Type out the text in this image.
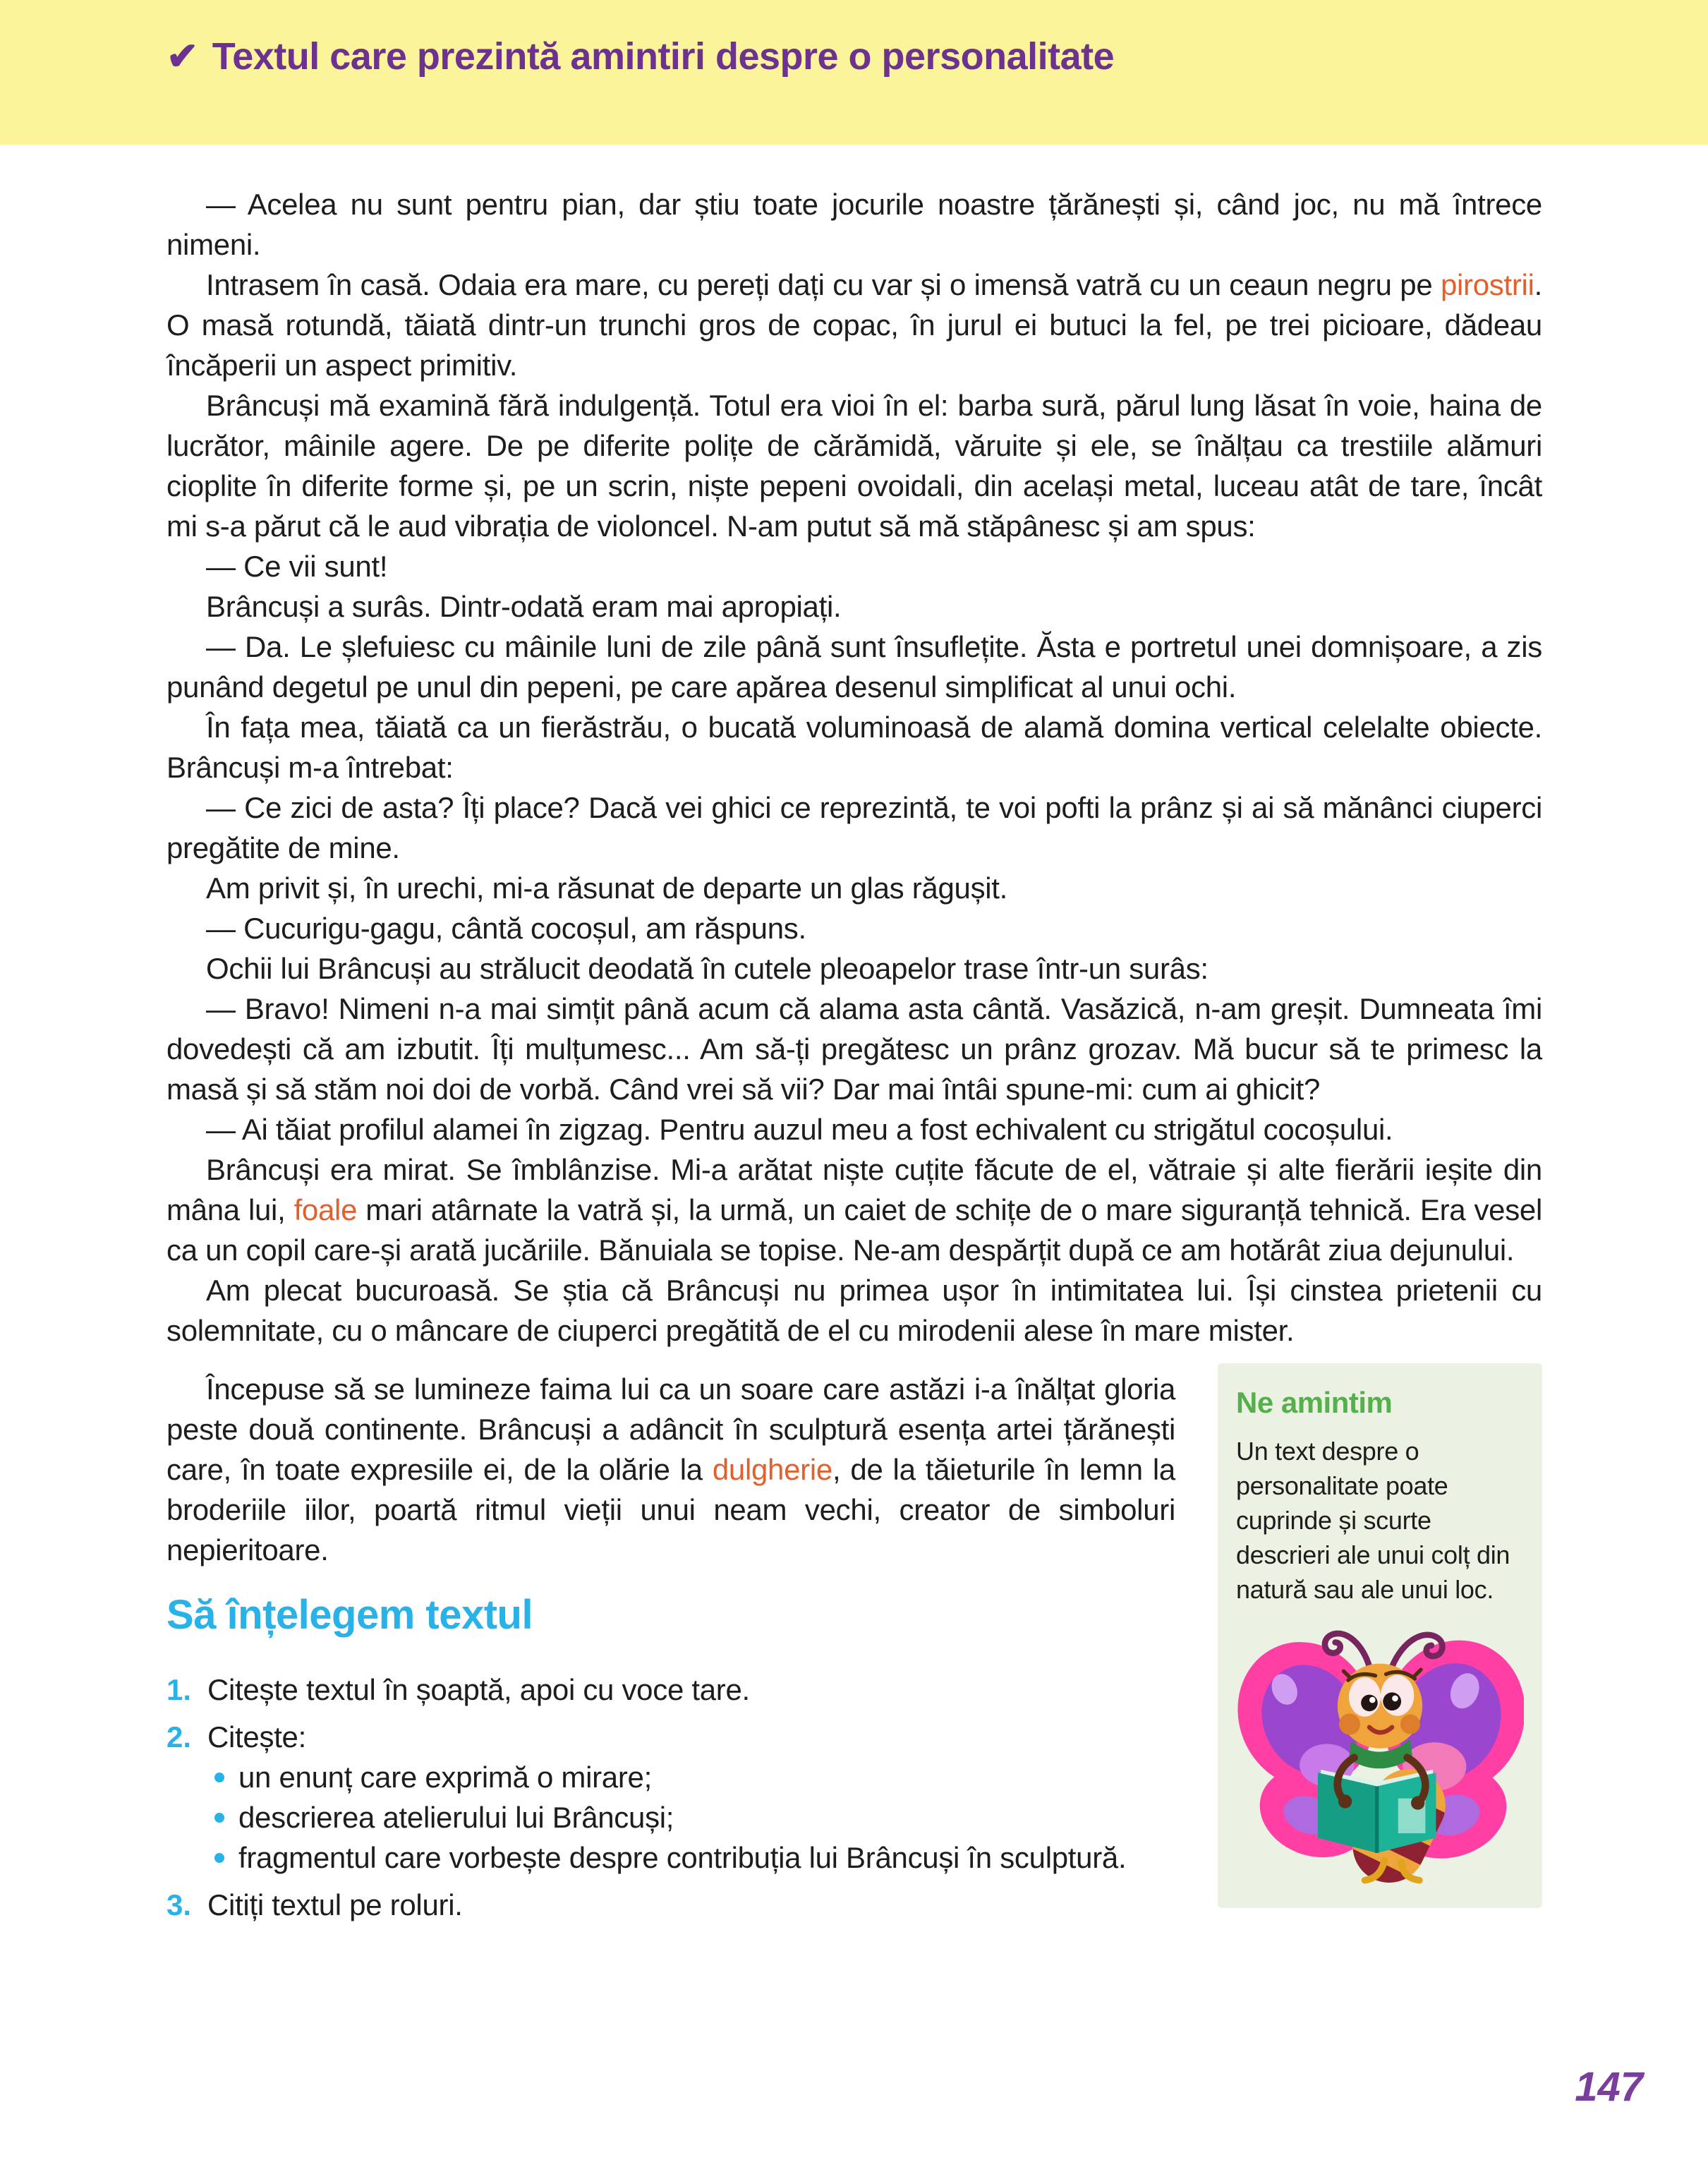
✔ Textul care prezintă amintiri despre o personalitate

— Acelea nu sunt pentru pian, dar știu toate jocurile noastre țărănești și, când joc, nu mă întrece nimeni.

Intrasem în casă. Odaia era mare, cu pereți dați cu var și o imensă vatră cu un ceaun negru pe pirostrii. O masă rotundă, tăiată dintr-un trunchi gros de copac, în jurul ei butuci la fel, pe trei picioare, dădeau încăperii un aspect primitiv.

Brâncuși mă examină fără indulgență. Totul era vioi în el: barba sură, părul lung lăsat în voie, haina de lucrător, mâinile agere. De pe diferite polițe de cărămidă, văruite și ele, se înălțau ca trestiile alămuri cioplite în diferite forme și, pe un scrin, niște pepeni ovoidali, din același metal, luceau atât de tare, încât mi s-a părut că le aud vibrația de violoncel. N-am putut să mă stăpânesc și am spus:

— Ce vii sunt!

Brâncuși a surâs. Dintr-odată eram mai apropiați.

— Da. Le șlefuiesc cu mâinile luni de zile până sunt însuflețite. Ăsta e portretul unei domnișoare, a zis punând degetul pe unul din pepeni, pe care apărea desenul simplificat al unui ochi.

În fața mea, tăiată ca un fierăstrău, o bucată voluminoasă de alamă domina vertical celelalte obiecte. Brâncuși m-a întrebat:

— Ce zici de asta? Îți place? Dacă vei ghici ce reprezintă, te voi pofti la prânz și ai să mănânci ciuperci pregătite de mine.

Am privit și, în urechi, mi-a răsunat de departe un glas răgușit.

— Cucurigu-gagu, cântă cocoșul, am răspuns.

Ochii lui Brâncuși au strălucit deodată în cutele pleoapelor trase într-un surâs:

— Bravo! Nimeni n-a mai simțit până acum că alama asta cântă. Vasăzică, n-am greșit. Dumneata îmi dovedești că am izbutit. Îți mulțumesc... Am să-ți pregătesc un prânz grozav. Mă bucur să te primesc la masă și să stăm noi doi de vorbă. Când vrei să vii? Dar mai întâi spune-mi: cum ai ghicit?

— Ai tăiat profilul alamei în zigzag. Pentru auzul meu a fost echivalent cu strigătul cocoșului.

Brâncuși era mirat. Se îmblânzise. Mi-a arătat niște cuțite făcute de el, vătraie și alte fierării ieșite din mâna lui, foale mari atârnate la vatră și, la urmă, un caiet de schițe de o mare siguranță tehnică. Era vesel ca un copil care-și arată jucăriile. Bănuiala se topise. Ne-am despărțit după ce am hotărât ziua dejunului.

Am plecat bucuroasă. Se știa că Brâncuși nu primea ușor în intimitatea lui. Își cinstea prietenii cu solemnitate, cu o mâncare de ciuperci pregătită de el cu mirodenii alese în mare mister.

Ne amintim

Un text despre o personalitate poate cuprinde și scurte descrieri ale unui colț din natură sau ale unui loc.

Începuse să se lumineze faima lui ca un soare care astăzi i-a înălțat gloria peste două continente. Brâncuși a adâncit în sculptură esența artei țărănești care, în toate expresiile ei, de la olărie la dulgherie, de la tăieturile în lemn la broderiile iilor, poartă ritmul vieții unui neam vechi, creator de simboluri nepieritoare.

Să înțelegem textul
1. Citește textul în șoaptă, apoi cu voce tare.
2. Citește:
un enunț care exprimă o mirare;
descrierea atelierului lui Brâncuși;
fragmentul care vorbește despre contribuția lui Brâncuși în sculptură.
3. Citiți textul pe roluri.
147
